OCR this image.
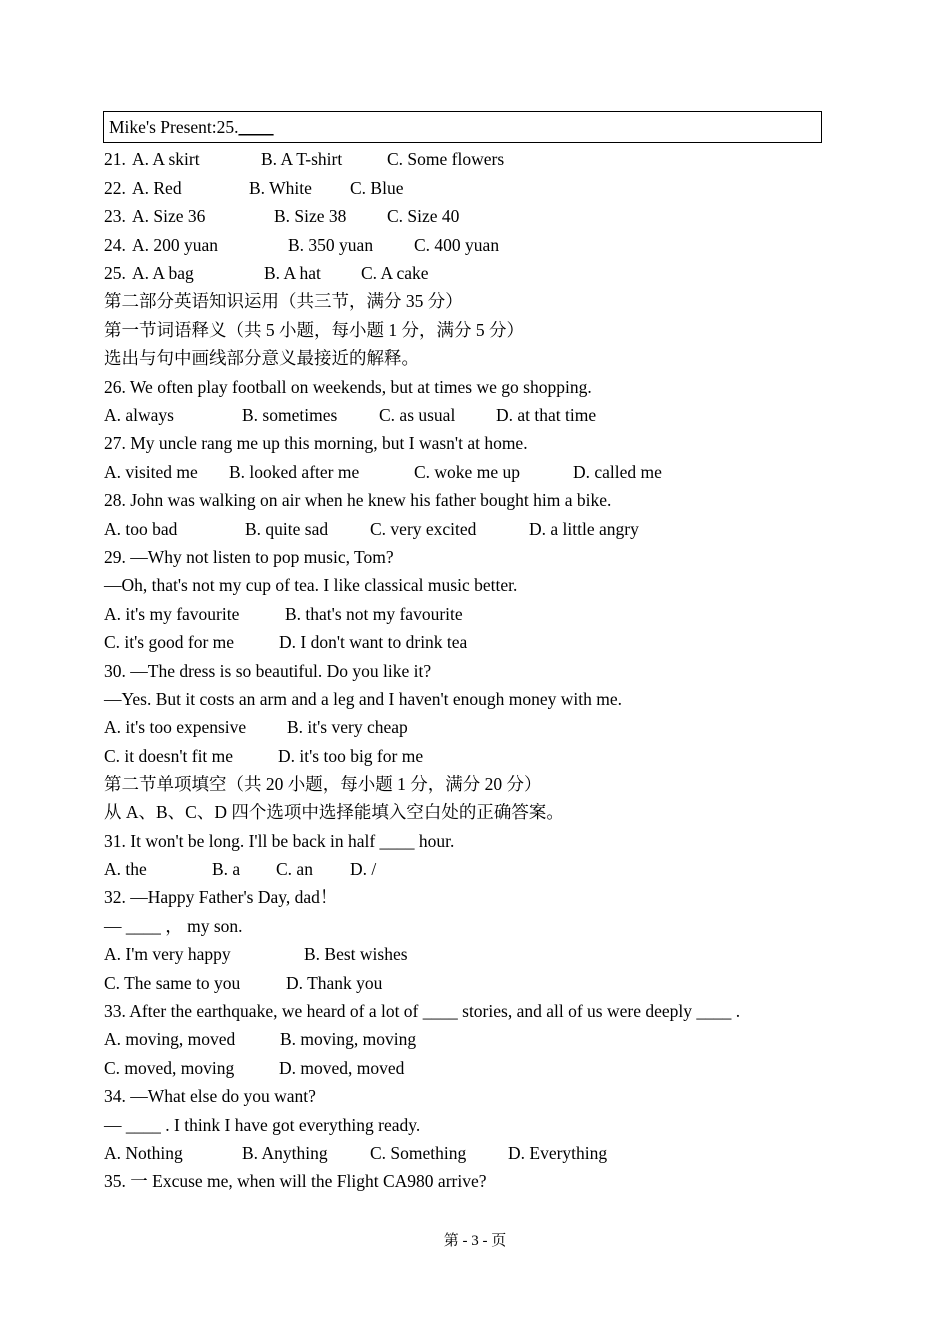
Mike's Present:25.____
21. A. A skirt	B. A T-shirt	C. Some flowers
22. A. Red	B. White C. Blue
23. A. Size 36	B. Size 38 C. Size 40
24. A. 200 yuan	B. 350 yuan C. 400 yuan
25. A. A bag	B. A hat C. A cake
第二部分英语知识运用（共三节，满分 35 分）
第一节词语释义（共 5 小题，每小题 1 分，满分 5 分）
选出与句中画线部分意义最接近的解释。
26. We often play football on weekends, but at times we go shopping.
A. always	B. sometimes C. as usual D. at that time
27. My uncle rang me up this morning, but I wasn't at home.
A. visited me B. looked after me	C. woke me up	D. called me
28. John was walking on air when he knew his father bought him a bike.
A. too bad	B. quite sad C. very excited	D. a little angry
29. —Why not listen to pop music, Tom?
—Oh, that's not my cup of tea. I like classical music better.
A. it's my favourite	B. that's not my favourite
C. it's good for me	D. I don't want to drink tea
30. —The dress is so beautiful. Do you like it?
—Yes. But it costs an arm and a leg and I haven't enough money with me.
A. it's too expensive B. it's very cheap
C. it doesn't fit me	D. it's too big for me
第二节单项填空（共 20 小题，每小题 1 分，满分 20 分）
从 A、B、C、D 四个选项中选择能填入空白处的正确答案。
31. It won't be long. I'll be back in half ____ hour.
A. the	B. a C. an D. /
32. —Happy Father's Day, dad！
— ____ ， my son.
A. I'm very happy	B. Best wishes
C. The same to you	D. Thank you
33. After the earthquake, we heard of a lot of ____ stories, and all of us were deeply ____ .
A. moving, moved	B. moving, moving
C. moved, moving	D. moved, moved
34. —What else do you want?
— ____ . I think I have got everything ready.
A. Nothing	B. Anything C. Something D. Everything
35. 一 Excuse me, when will the Flight CA980 arrive?
第 - 3 - 页
